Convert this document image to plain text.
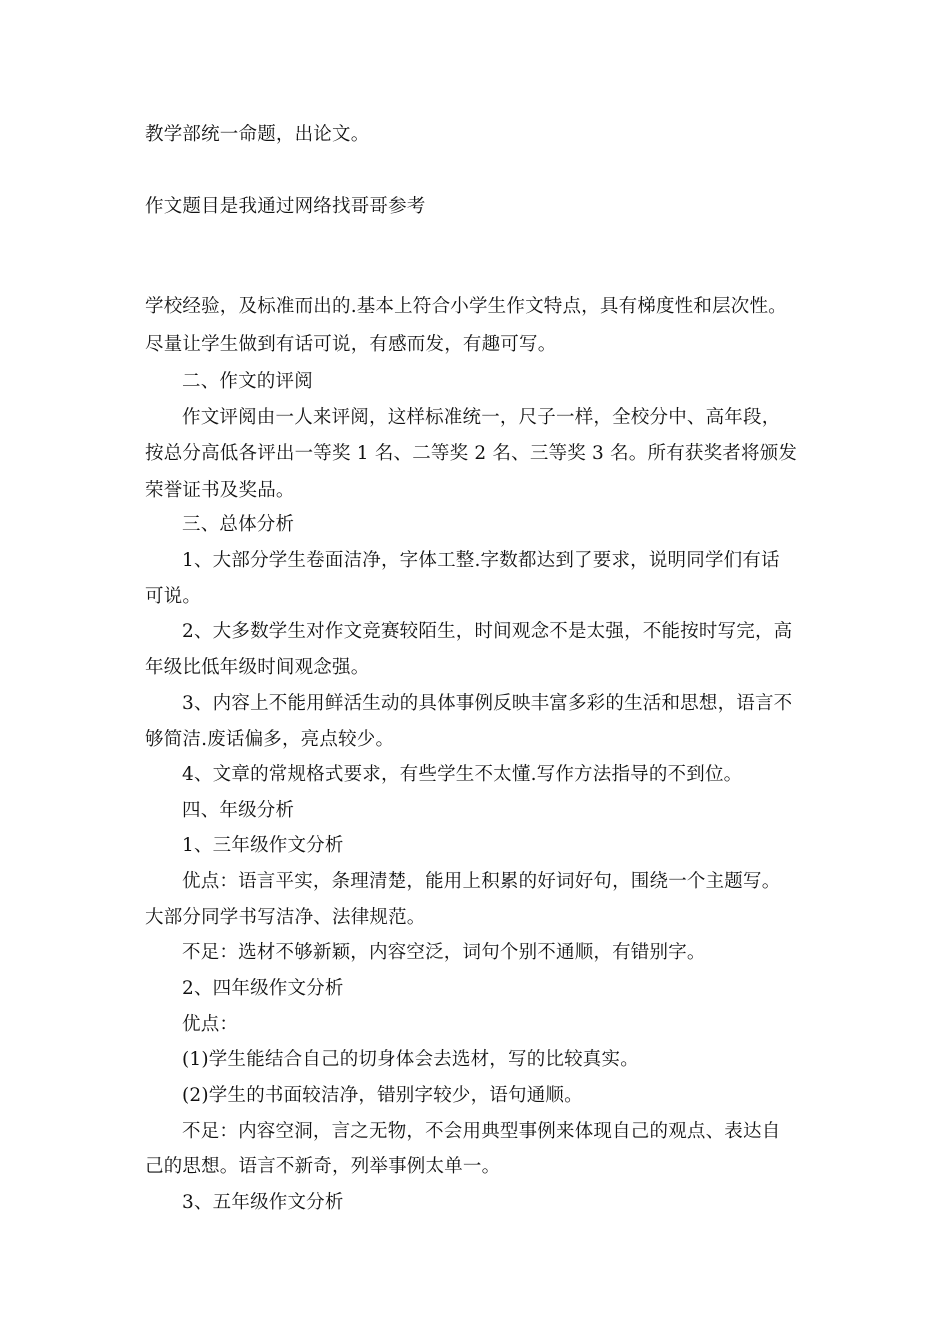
教学部统一命题，出论文。
作文题目是我通过网络找哥哥参考
学校经验，及标准而出的.基本上符合小学生作文特点，具有梯度性和层次性。
尽量让学生做到有话可说，有感而发，有趣可写。
二、作文的评阅
作文评阅由一人来评阅，这样标准统一，尺子一样，全校分中、高年段，
按总分高低各评出一等奖 1 名、二等奖 2 名、三等奖 3 名。所有获奖者将颁发
荣誉证书及奖品。
三、总体分析
1、大部分学生卷面洁净，字体工整.字数都达到了要求，说明同学们有话
可说。
2、大多数学生对作文竞赛较陌生，时间观念不是太强，不能按时写完，高
年级比低年级时间观念强。
3、内容上不能用鲜活生动的具体事例反映丰富多彩的生活和思想，语言不
够简洁.废话偏多，亮点较少。
4、文章的常规格式要求，有些学生不太懂.写作方法指导的不到位。
四、年级分析
1、三年级作文分析
优点：语言平实，条理清楚，能用上积累的好词好句，围绕一个主题写。
大部分同学书写洁净、法律规范。
不足：选材不够新颖，内容空泛，词句个别不通顺，有错别字。
2、四年级作文分析
优点：
(1)学生能结合自己的切身体会去选材，写的比较真实。
(2)学生的书面较洁净，错别字较少，语句通顺。
不足：内容空洞，言之无物，不会用典型事例来体现自己的观点、表达自
己的思想。语言不新奇，列举事例太单一。
3、五年级作文分析
